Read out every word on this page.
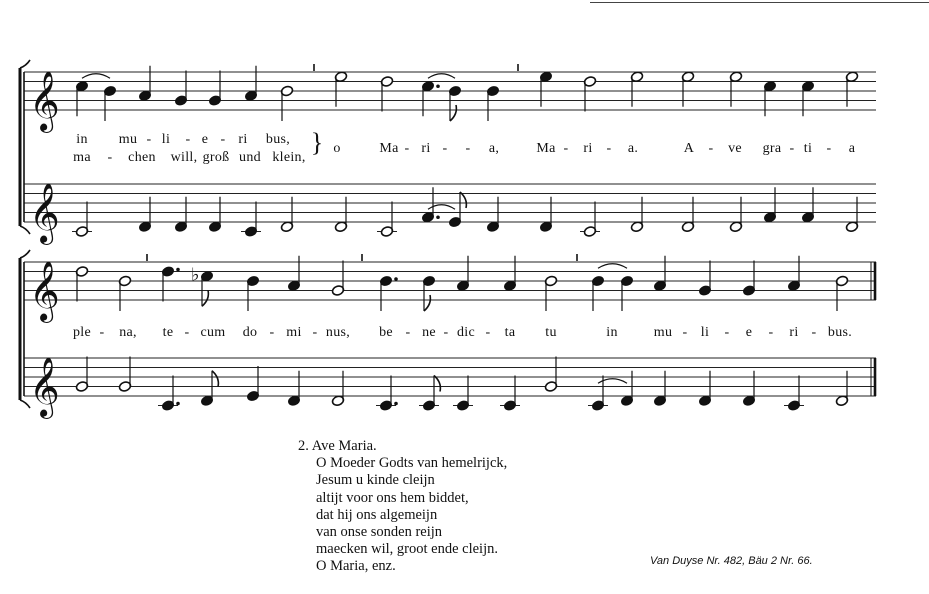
𝄞
𝄞
𝄞
𝄞
♭
in mu - li - e - ri bus,
ma - chen will, groß und klein,
} o	Ma - ri - - a,	Ma - ri - a.	A - ve gra - ti - a
ple - na, te - cum do - mi - nus, be - ne - dic - ta tu	in	mu - li - e - ri - bus.
2. Ave Maria.
O Moeder Godts van hemelrijck,
Jesum u kinde cleijn
altijt voor ons hem biddet,
dat hij ons algemeijn
van onse sonden reijn
maecken wil, groot ende cleijn.
O Maria, enz.	Van Duyse Nr. 482, Bäu 2 Nr. 66.
